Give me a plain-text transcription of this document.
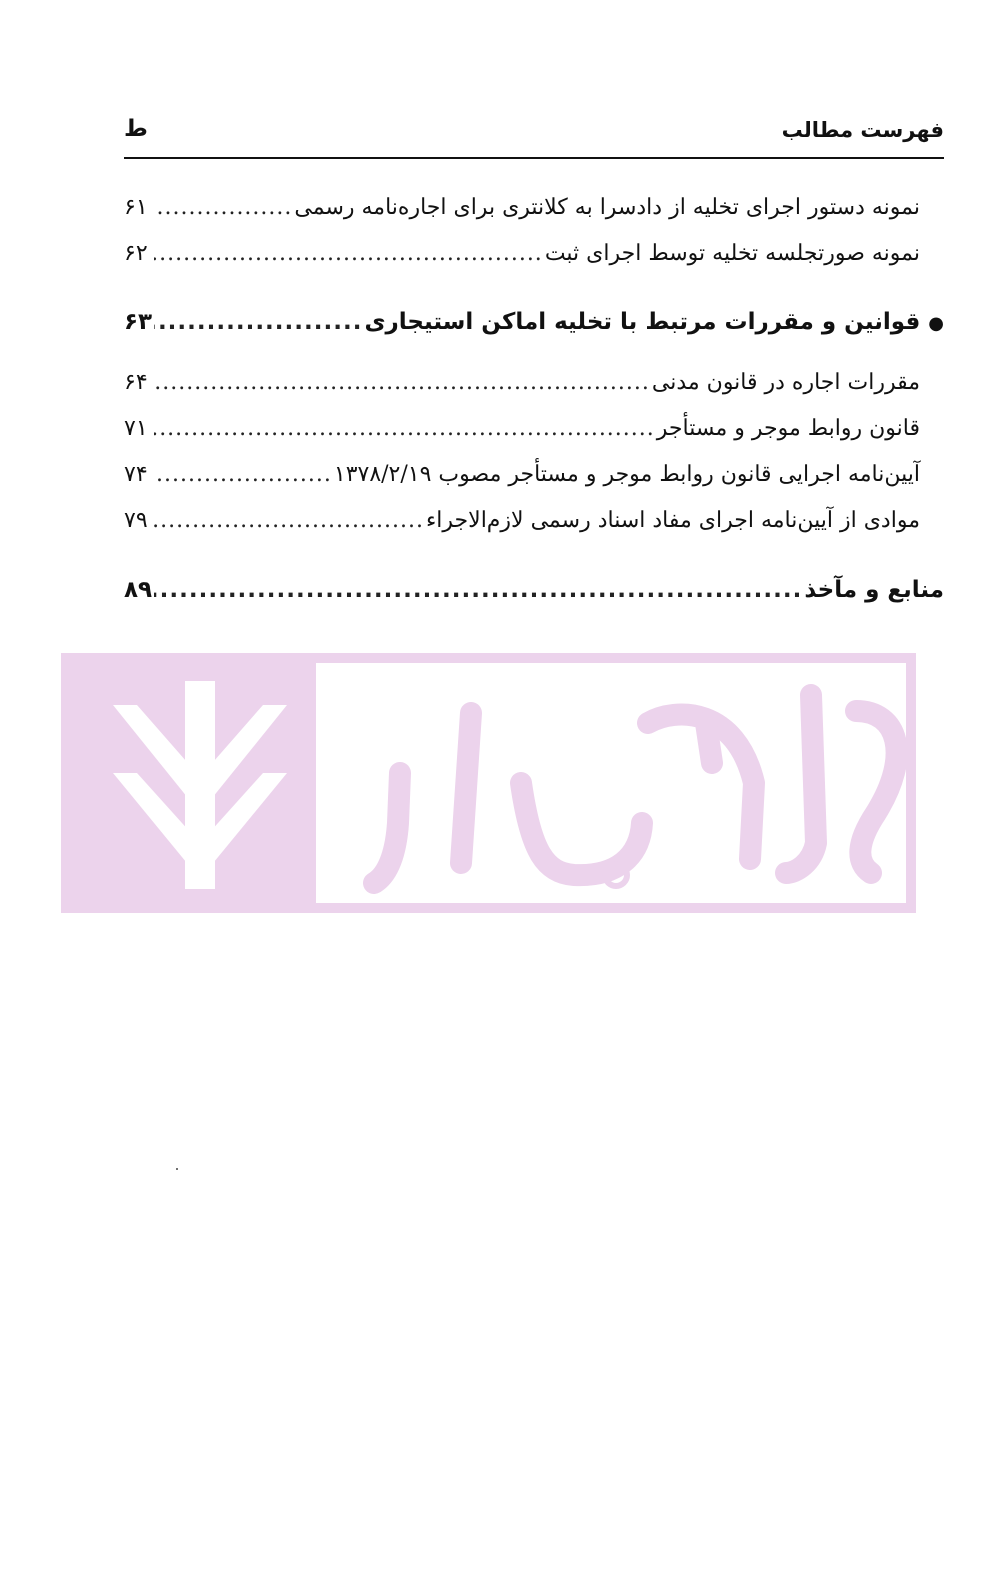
فهرست مطالب
ط
نمونه دستور اجرای تخلیه از دادسرا به کلانتری برای اجاره‌نامه رسمی
.....
۶۱
نمونه صورتجلسه تخلیه توسط اجرای ثبت
.....
۶۲
●
قوانین و مقررات مرتبط با تخلیه اماکن استیجاری
.....
۶۳
مقررات اجاره در قانون مدنی
.....
۶۴
قانون روابط موجر و مستأجر
.....
۷۱
آیین‌نامه اجرایی قانون روابط موجر و مستأجر مصوب ۱۳۷۸/۲/۱۹
.....
۷۴
موادی از آیین‌نامه اجرای مفاد اسناد رسمی لازم‌الاجراء
.....
۷۹
منابع و مآخذ
.....
۸۹
